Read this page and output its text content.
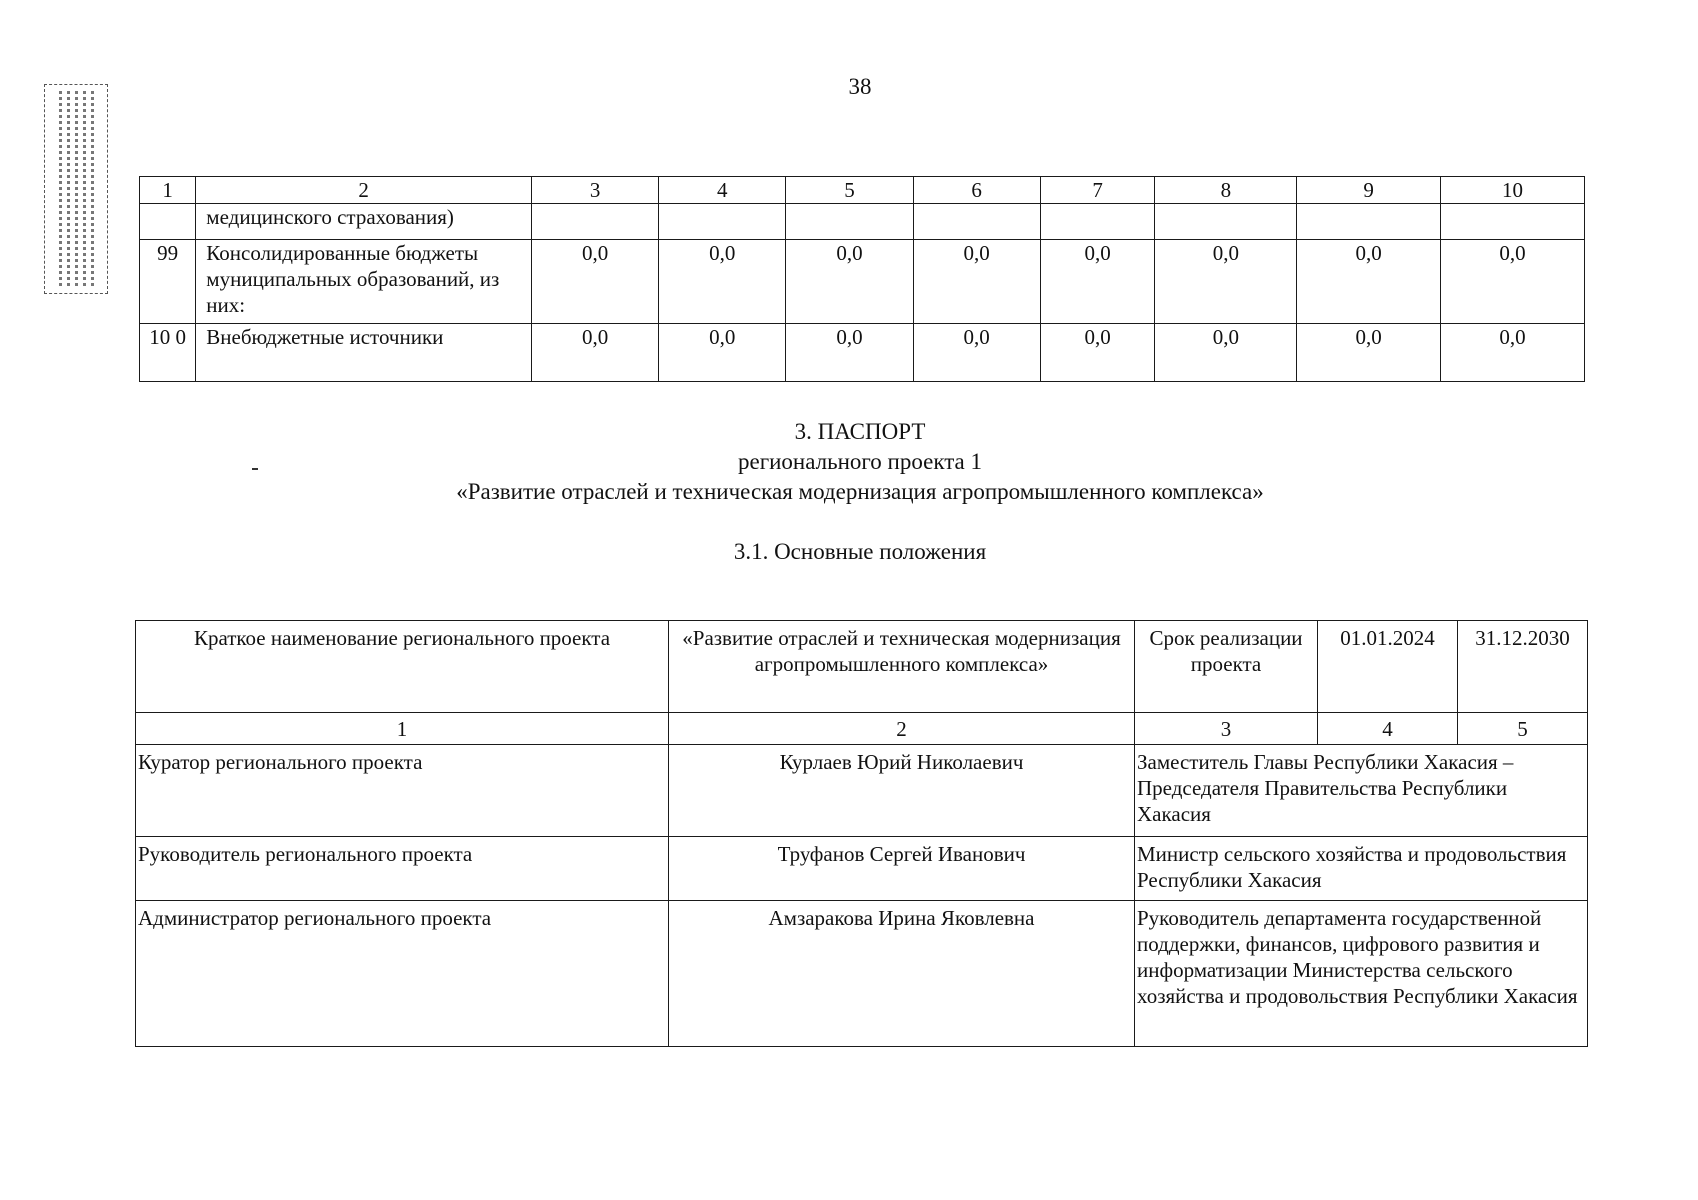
38
1	2	3	4	5	6	7	8	9	10
	медицинского страхования)								
99	Консолидированные бюджеты муниципальных образований, из них:	0,0	0,0	0,0	0,0	0,0	0,0	0,0	0,0
10 0	Внебюджетные источники	0,0	0,0	0,0	0,0	0,0	0,0	0,0	0,0
3. ПАСПОРТ
регионального проекта 1
«Развитие отраслей и техническая модернизация агропромышленного комплекса»
3.1. Основные положения
Краткое наименование регионального проекта	«Развитие отраслей и техническая модернизация агропромышленного комплекса»	Срок реализации проекта	01.01.2024	31.12.2030
1	2	3	4	5
Куратор регионального проекта	Курлаев Юрий Николаевич	Заместитель Главы Республики Хакасия – Председателя Правительства Республики Хакасия		
Руководитель регионального проекта	Труфанов Сергей Иванович	Министр сельского хозяйства и продовольствия Республики Хакасия		
Администратор регионального проекта	Амзаракова Ирина Яковлевна	Руководитель департамента государственной поддержки, финансов, цифрового развития и информатизации Министерства сельского хозяйства и продовольствия Республики Хакасия		
